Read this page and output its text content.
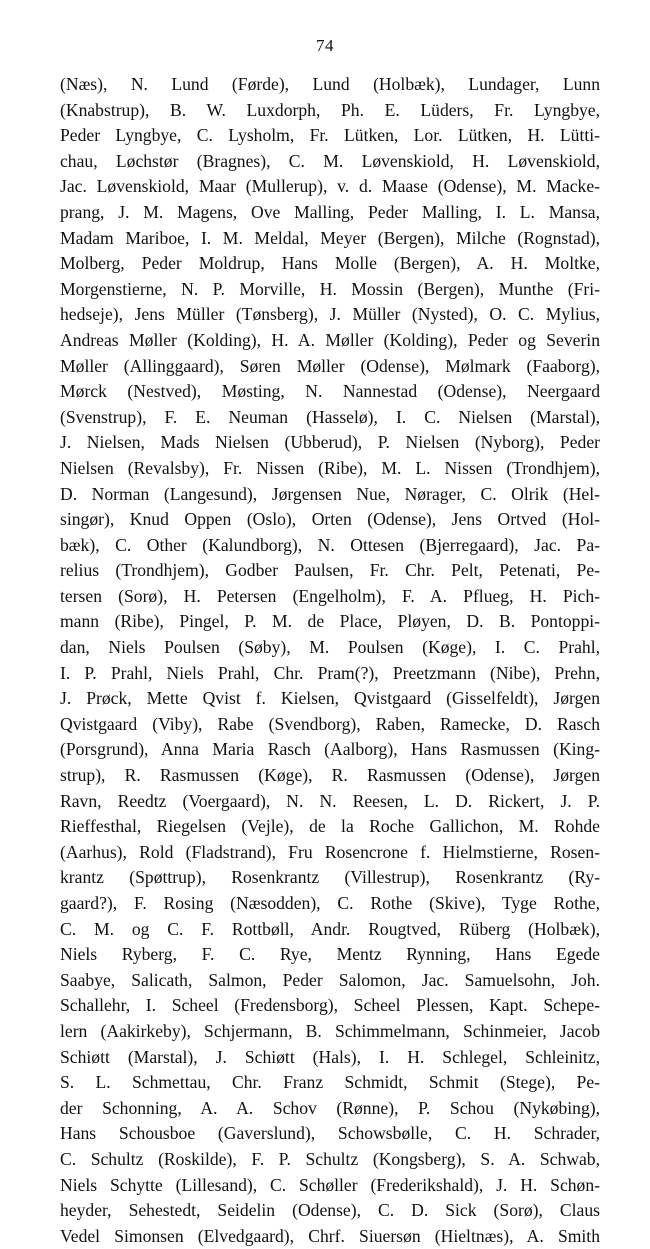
74
(Næs), N. Lund (Førde), Lund (Holbæk), Lundager, Lunn
(Knabstrup), B. W. Luxdorph, Ph. E. Lüders, Fr. Lyngbye,
Peder Lyngbye, C. Lysholm, Fr. Lütken, Lor. Lütken, H. Lütti-
chau, Løchstør (Bragnes), C. M. Løvenskiold, H. Løvenskiold,
Jac. Løvenskiold, Maar (Mullerup), v. d. Maase (Odense), M. Macke-
prang, J. M. Magens, Ove Malling, Peder Malling, I. L. Mansa,
Madam Mariboe, I. M. Meldal, Meyer (Bergen), Milche (Rognstad),
Molberg, Peder Moldrup, Hans Molle (Bergen), A. H. Moltke,
Morgenstierne, N. P. Morville, H. Mossin (Bergen), Munthe (Fri-
hedseje), Jens Müller (Tønsberg), J. Müller (Nysted), O. C. Mylius,
Andreas Møller (Kolding), H. A. Møller (Kolding), Peder og Severin
Møller (Allinggaard), Søren Møller (Odense), Mølmark (Faaborg),
Mørck (Nestved), Møsting, N. Nannestad (Odense), Neergaard
(Svenstrup), F. E. Neuman (Hasselø), I. C. Nielsen (Marstal),
J. Nielsen, Mads Nielsen (Ubberud), P. Nielsen (Nyborg), Peder
Nielsen (Revalsby), Fr. Nissen (Ribe), M. L. Nissen (Trondhjem),
D. Norman (Langesund), Jørgensen Nue, Nørager, C. Olrik (Hel-
singør), Knud Oppen (Oslo), Orten (Odense), Jens Ortved (Hol-
bæk), C. Other (Kalundborg), N. Ottesen (Bjerregaard), Jac. Pa-
relius (Trondhjem), Godber Paulsen, Fr. Chr. Pelt, Petenati, Pe-
tersen (Sorø), H. Petersen (Engelholm), F. A. Pflueg, H. Pich-
mann (Ribe), Pingel, P. M. de Place, Pløyen, D. B. Pontoppi-
dan, Niels Poulsen (Søby), M. Poulsen (Køge), I. C. Prahl,
I. P. Prahl, Niels Prahl, Chr. Pram(?), Preetzmann (Nibe), Prehn,
J. Prøck, Mette Qvist f. Kielsen, Qvistgaard (Gisselfeldt), Jørgen
Qvistgaard (Viby), Rabe (Svendborg), Raben, Ramecke, D. Rasch
(Porsgrund), Anna Maria Rasch (Aalborg), Hans Rasmussen (King-
strup), R. Rasmussen (Køge), R. Rasmussen (Odense), Jørgen
Ravn, Reedtz (Voergaard), N. N. Reesen, L. D. Rickert, J. P.
Rieffesthal, Riegelsen (Vejle), de la Roche Gallichon, M. Rohde
(Aarhus), Rold (Fladstrand), Fru Rosencrone f. Hielmstierne, Rosen-
krantz (Spøttrup), Rosenkrantz (Villestrup), Rosenkrantz (Ry-
gaard?), F. Rosing (Næsodden), C. Rothe (Skive), Tyge Rothe,
C. M. og C. F. Rottbøll, Andr. Rougtved, Rüberg (Holbæk),
Niels Ryberg, F. C. Rye, Mentz Rynning, Hans Egede
Saabye, Salicath, Salmon, Peder Salomon, Jac. Samuelsohn, Joh.
Schallehr, I. Scheel (Fredensborg), Scheel Plessen, Kapt. Schepe-
lern (Aakirkeby), Schjermann, B. Schimmelmann, Schinmeier, Jacob
Schiøtt (Marstal), J. Schiøtt (Hals), I. H. Schlegel, Schleinitz,
S. L. Schmettau, Chr. Franz Schmidt, Schmit (Stege), Pe-
der Schonning, A. A. Schov (Rønne), P. Schou (Nykøbing),
Hans Schousboe (Gaverslund), Schowsbølle, C. H. Schrader,
C. Schultz (Roskilde), F. P. Schultz (Kongsberg), S. A. Schwab,
Niels Schytte (Lillesand), C. Schøller (Frederikshald), J. H. Schøn-
heyder, Sehestedt, Seidelin (Odense), C. D. Sick (Sorø), Claus
Vedel Simonsen (Elvedgaard), Chrf. Siuersøn (Hieltnæs), A. Smith
